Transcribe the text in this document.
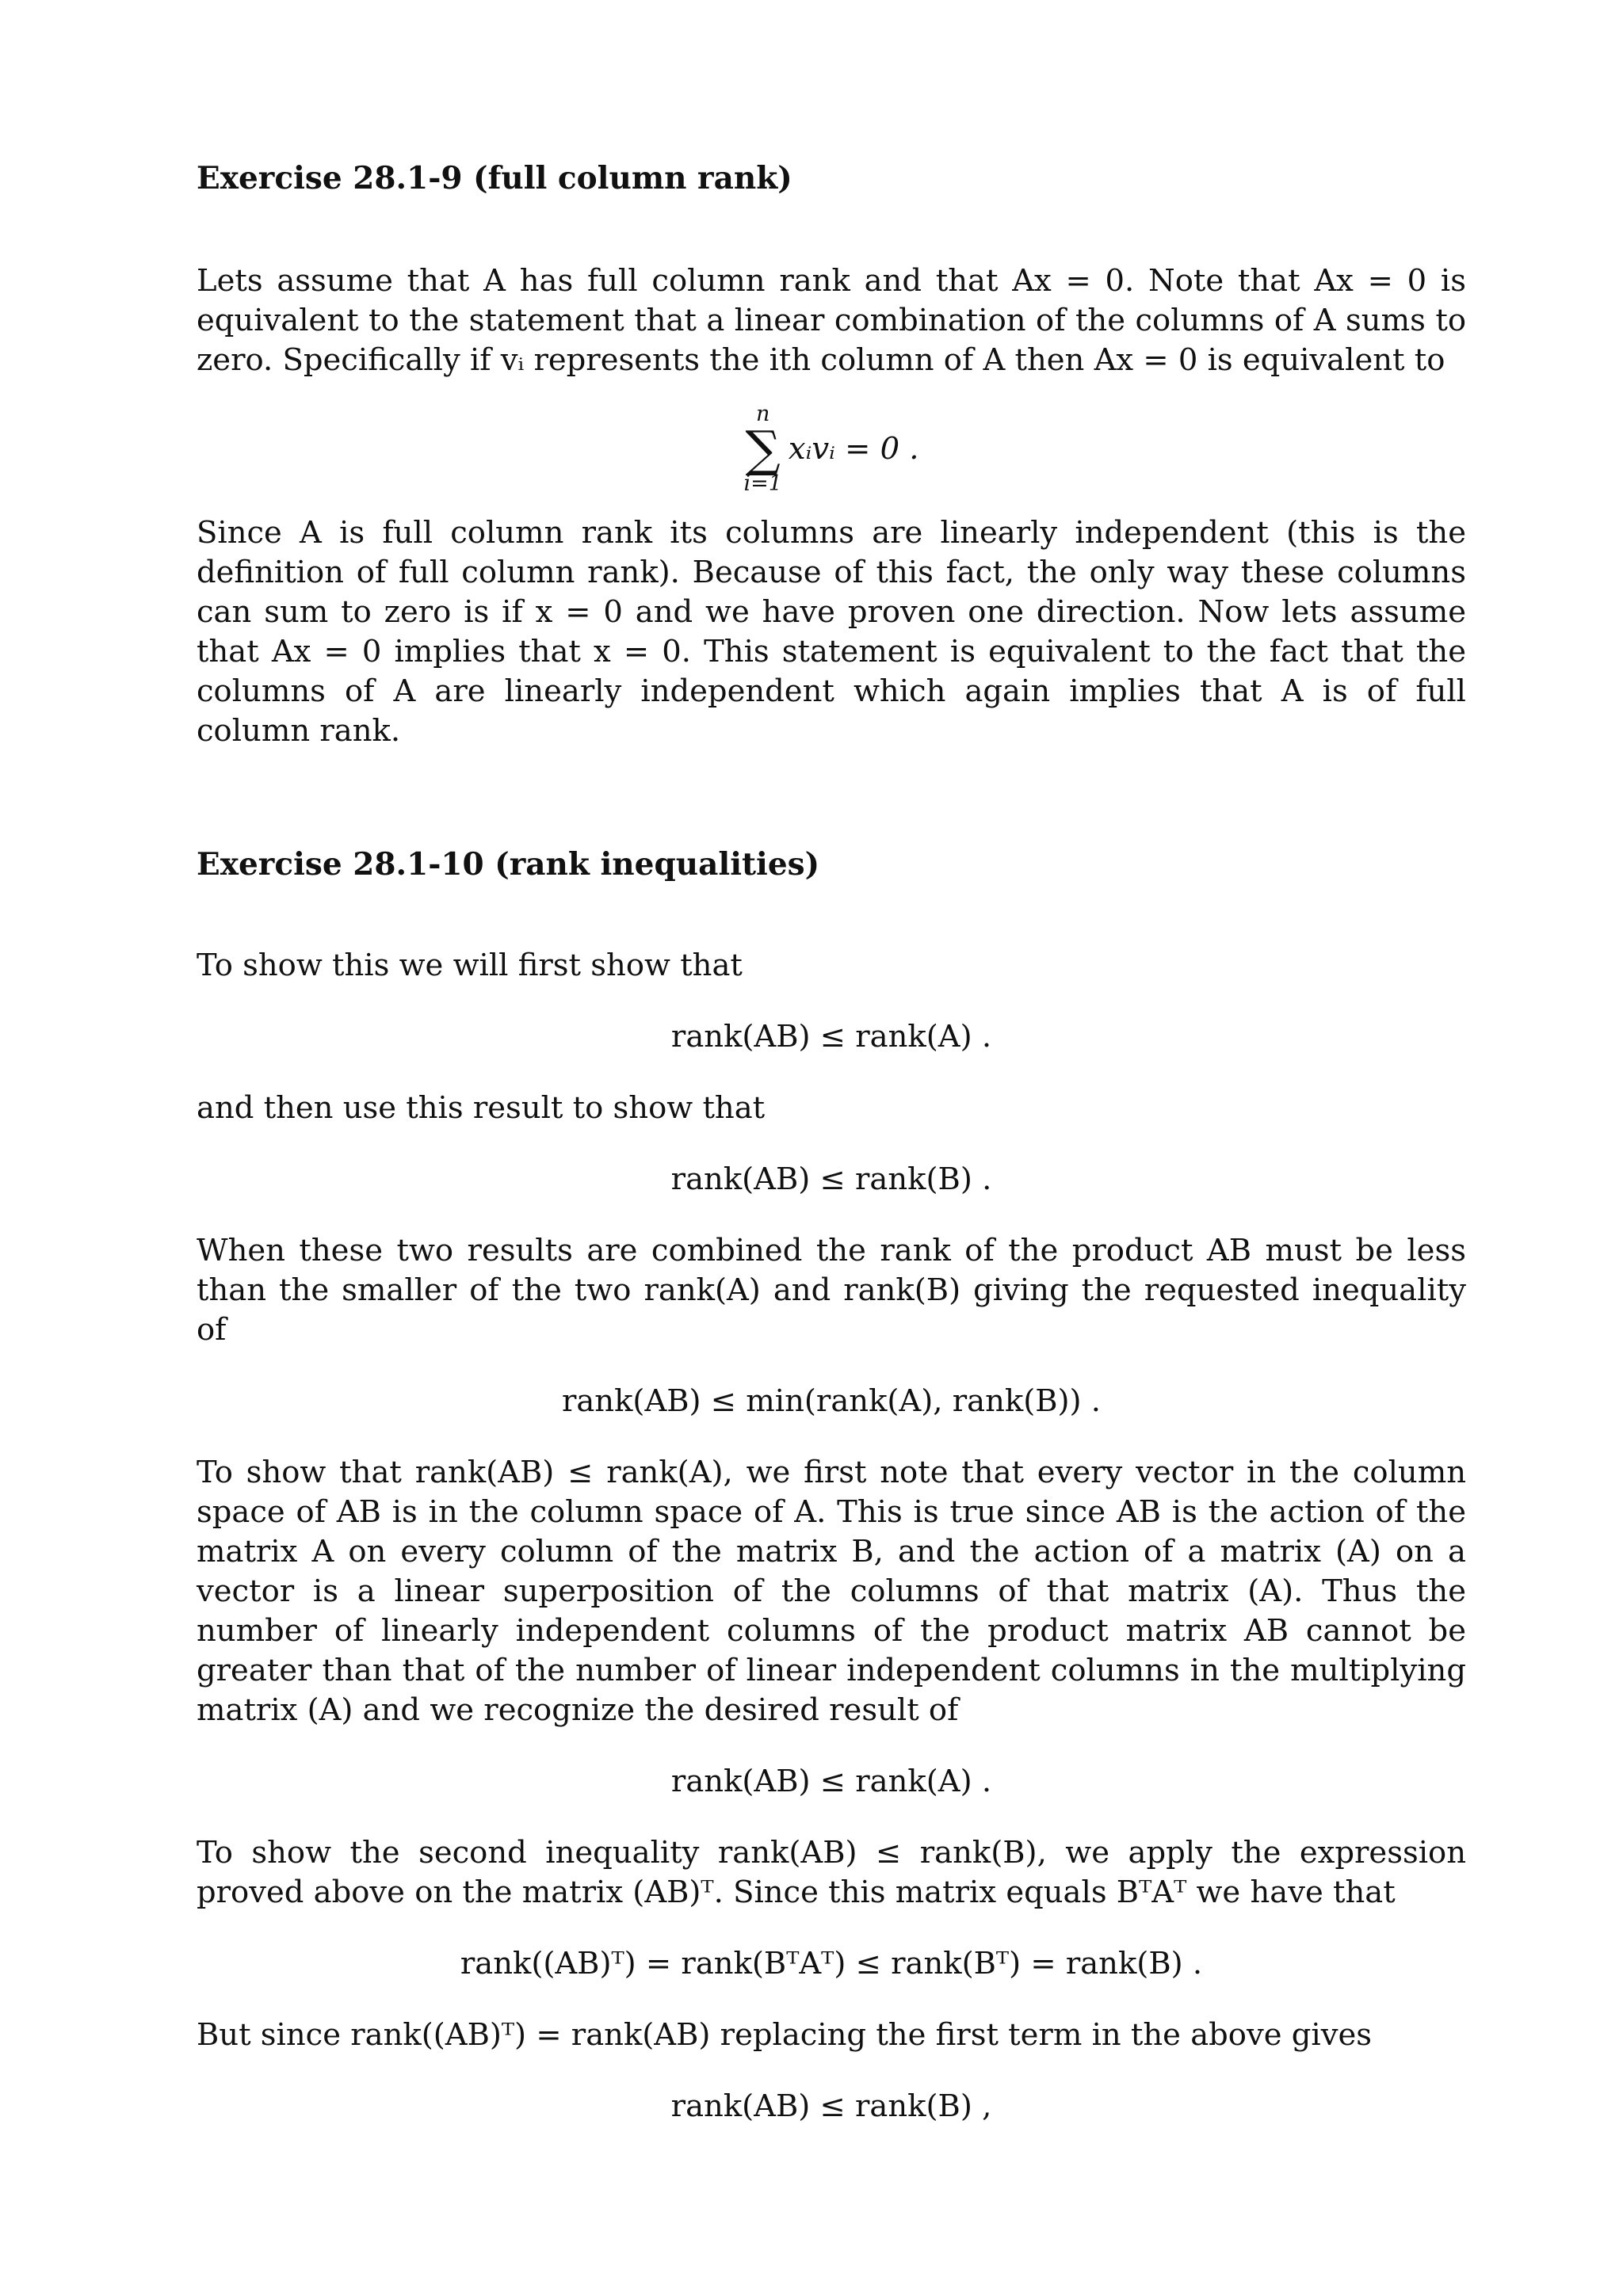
Exercise 28.1-9 (full column rank)

Lets assume that A has full column rank and that Ax = 0. Note that Ax = 0 is equivalent to the statement that a linear combination of the columns of A sums to zero. Specifically if vᵢ represents the ith column of A then Ax = 0 is equivalent to

n
∑
i=1
xᵢvᵢ = 0 .

Since A is full column rank its columns are linearly independent (this is the definition of full column rank). Because of this fact, the only way these columns can sum to zero is if x = 0 and we have proven one direction. Now lets assume that Ax = 0 implies that x = 0. This statement is equivalent to the fact that the columns of A are linearly independent which again implies that A is of full column rank.

Exercise 28.1-10 (rank inequalities)

To show this we will first show that

rank(AB) ≤ rank(A) .

and then use this result to show that

rank(AB) ≤ rank(B) .

When these two results are combined the rank of the product AB must be less than the smaller of the two rank(A) and rank(B) giving the requested inequality of

rank(AB) ≤ min(rank(A), rank(B)) .

To show that rank(AB) ≤ rank(A), we first note that every vector in the column space of AB is in the column space of A. This is true since AB is the action of the matrix A on every column of the matrix B, and the action of a matrix (A) on a vector is a linear superposition of the columns of that matrix (A). Thus the number of linearly independent columns of the product matrix AB cannot be greater than that of the number of linear independent columns in the multiplying matrix (A) and we recognize the desired result of

rank(AB) ≤ rank(A) .

To show the second inequality rank(AB) ≤ rank(B), we apply the expression proved above on the matrix (AB)ᵀ. Since this matrix equals BᵀAᵀ we have that

rank((AB)ᵀ) = rank(BᵀAᵀ) ≤ rank(Bᵀ) = rank(B) .

But since rank((AB)ᵀ) = rank(AB) replacing the first term in the above gives

rank(AB) ≤ rank(B) ,
